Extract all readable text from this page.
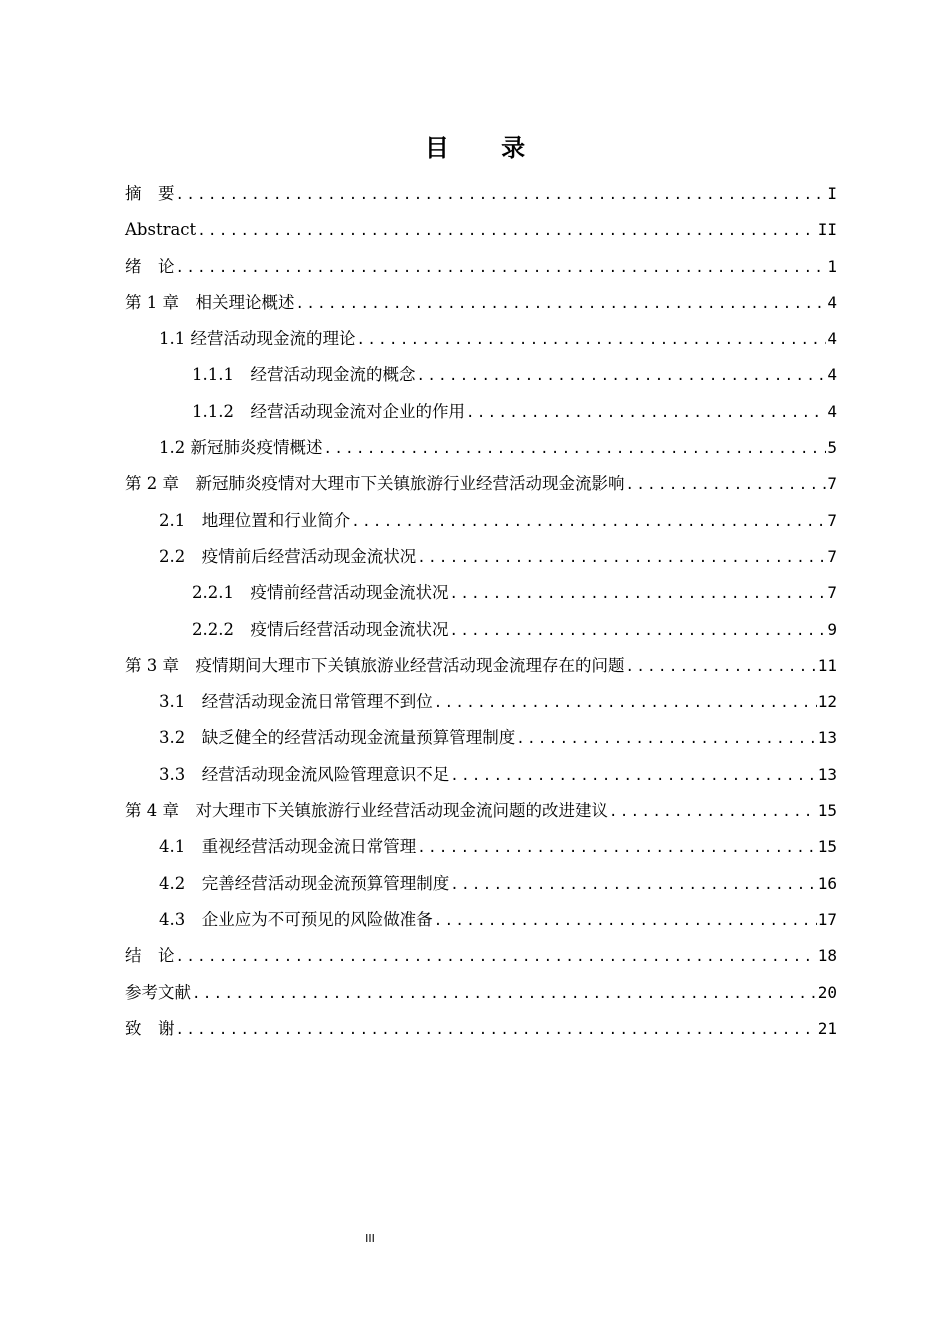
目 录
摘　要 .....	I
Abstract .....	II
绪　论 .....	1
第 1 章　相关理论概述 .....	4
1.1 经营活动现金流的理论 .....	4
1.1.1　经营活动现金流的概念 .....	4
1.1.2　经营活动现金流对企业的作用 .....	4
1.2 新冠肺炎疫情概述 .....	5
第 2 章　新冠肺炎疫情对大理市下关镇旅游行业经营活动现金流影响 .....	7
2.1　地理位置和行业简介 .....	7
2.2　疫情前后经营活动现金流状况 .....	7
2.2.1　疫情前经营活动现金流状况 .....	7
2.2.2　疫情后经营活动现金流状况 .....	9
第 3 章　疫情期间大理市下关镇旅游业经营活动现金流理存在的问题 .....	11
3.1　经营活动现金流日常管理不到位 .....	12
3.2　缺乏健全的经营活动现金流量预算管理制度 .....	13
3.3　经营活动现金流风险管理意识不足 .....	13
第 4 章　对大理市下关镇旅游行业经营活动现金流问题的改进建议 .....	15
4.1　重视经营活动现金流日常管理 .....	15
4.2　完善经营活动现金流预算管理制度 .....	16
4.3　企业应为不可预见的风险做准备 .....	17
结　论 .....	18
参考文献 .....	20
致　谢 .....	21
III
